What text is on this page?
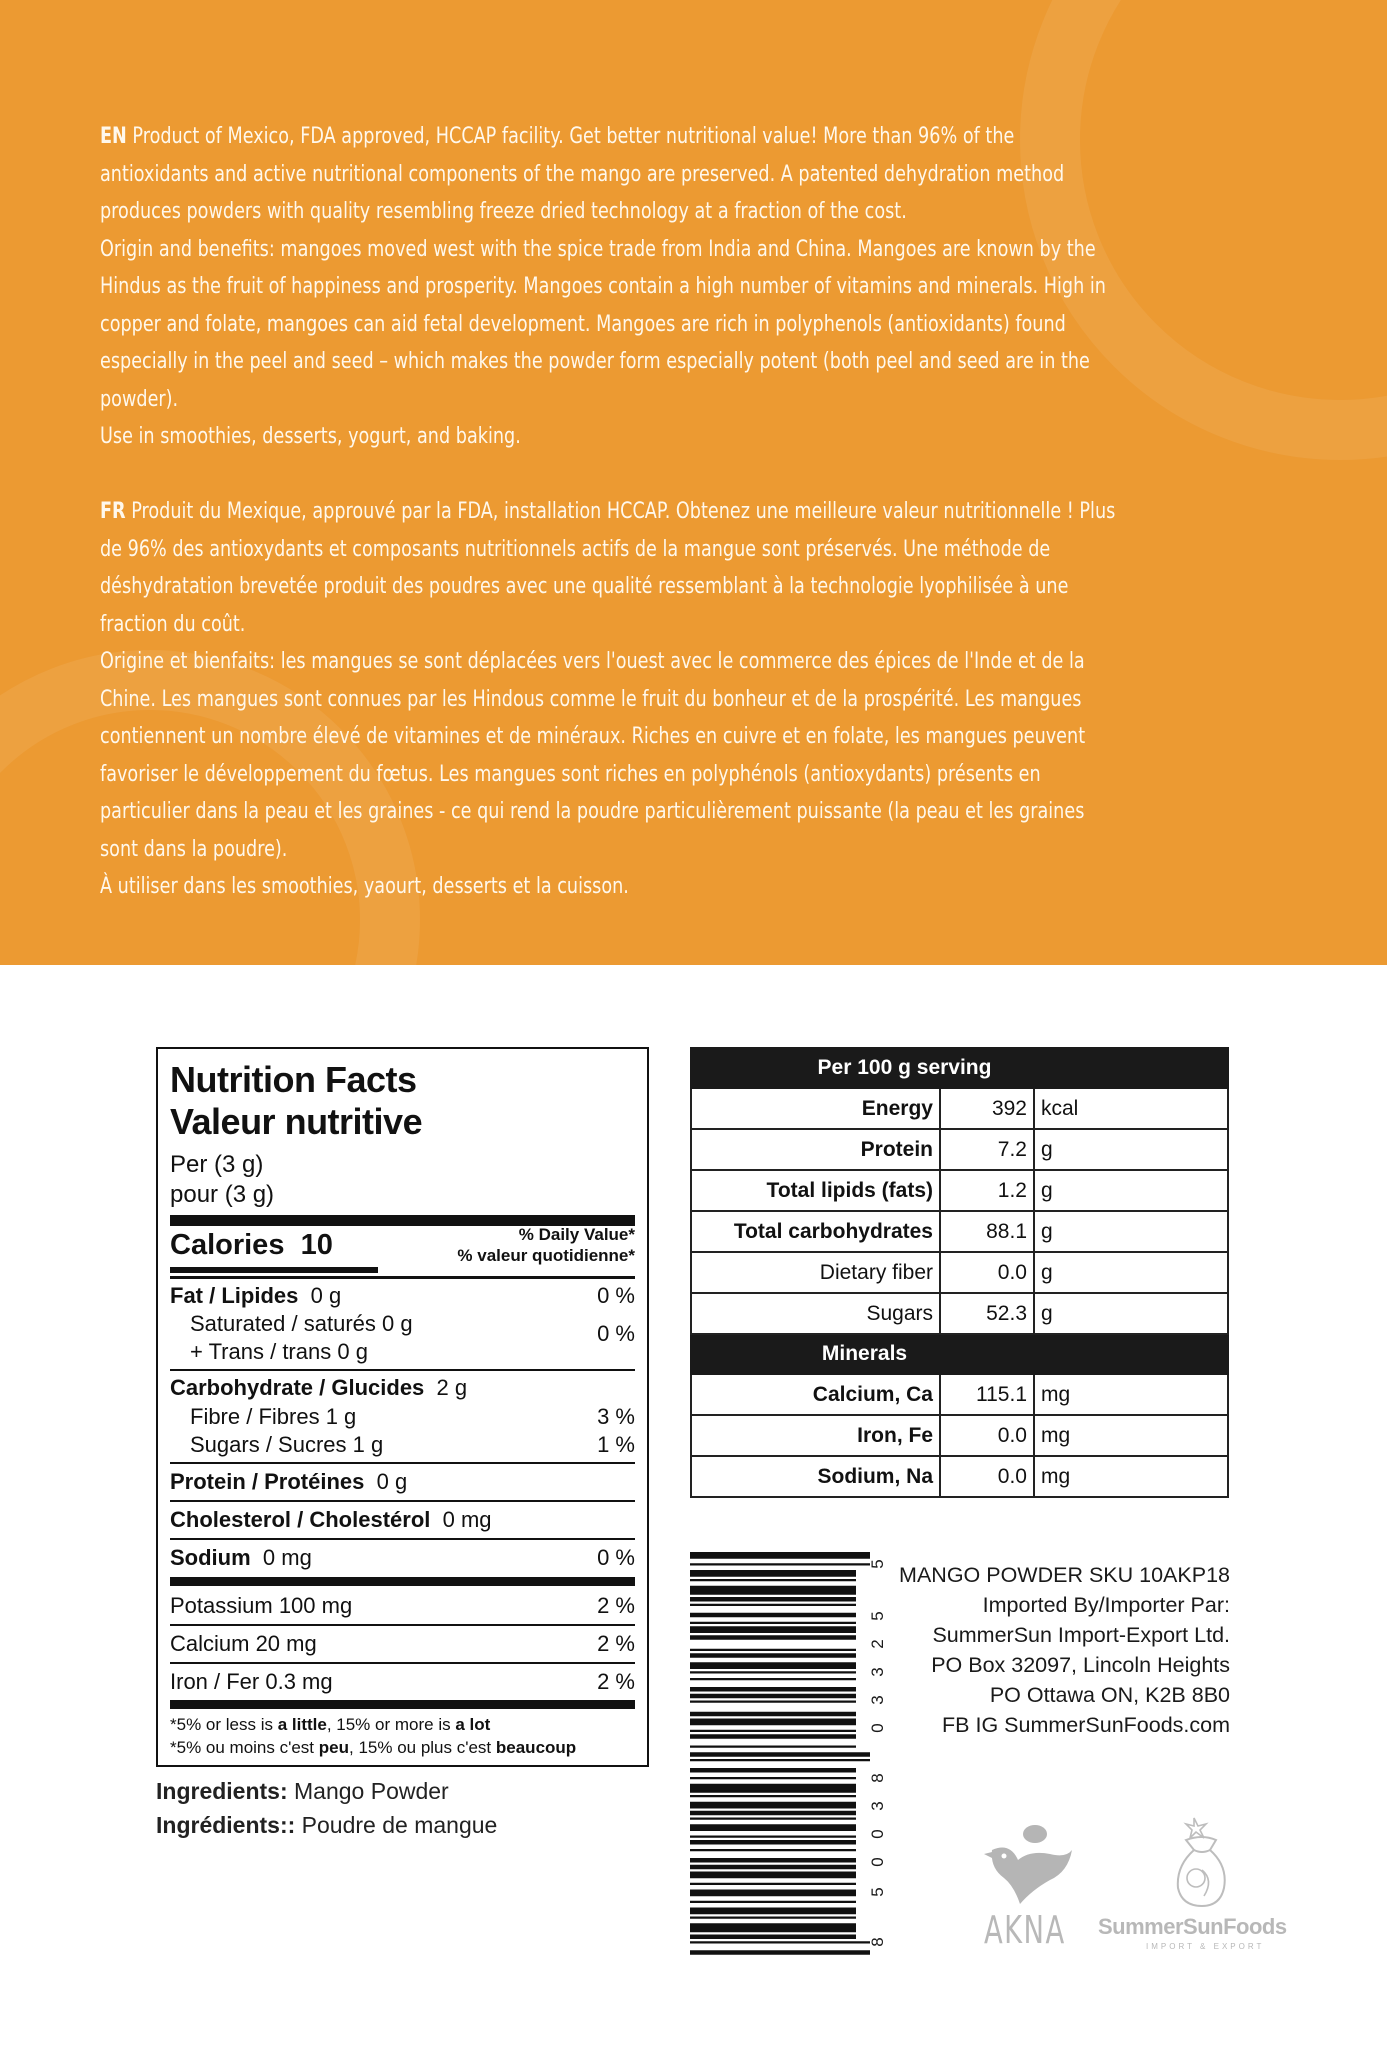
EN Product of Mexico, FDA approved, HCCAP facility. Get better nutritional value! More than 96% of the
antioxidants and active nutritional components of the mango are preserved. A patented dehydration method
produces powders with quality resembling freeze dried technology at a fraction of the cost.
Origin and benefits: mangoes moved west with the spice trade from India and China. Mangoes are known by the
Hindus as the fruit of happiness and prosperity. Mangoes contain a high number of vitamins and minerals. High in
copper and folate, mangoes can aid fetal development. Mangoes are rich in polyphenols (antioxidants) found
especially in the peel and seed – which makes the powder form especially potent (both peel and seed are in the
powder).
Use in smoothies, desserts, yogurt, and baking.
FR Produit du Mexique, approuvé par la FDA, installation HCCAP. Obtenez une meilleure valeur nutritionnelle ! Plus
de 96% des antioxydants et composants nutritionnels actifs de la mangue sont préservés. Une méthode de
déshydratation brevetée produit des poudres avec une qualité ressemblant à la technologie lyophilisée à une
fraction du coût.
Origine et bienfaits: les mangues se sont déplacées vers l'ouest avec le commerce des épices de l'Inde et de la
Chine. Les mangues sont connues par les Hindous comme le fruit du bonheur et de la prospérité. Les mangues
contiennent un nombre élevé de vitamines et de minéraux. Riches en cuivre et en folate, les mangues peuvent
favoriser le développement du fœtus. Les mangues sont riches en polyphénols (antioxydants) présents en
particulier dans la peau et les graines - ce qui rend la poudre particulièrement puissante (la peau et les graines
sont dans la poudre).
À utiliser dans les smoothies, yaourt, desserts et la cuisson.
Nutrition Facts
Valeur nutritive
Per (3 g)
pour (3 g)
Calories 10	% Daily Value*
% valeur quotidienne*
Fat / Lipides 0 g	0 %
Saturated / saturés 0 g	0 %
+ Trans / trans 0 g
Carbohydrate / Glucides 2 g
Fibre / Fibres 1 g	3 %
Sugars / Sucres 1 g	1 %
Protein / Protéines 0 g
Cholesterol / Cholestérol 0 mg
Sodium 0 mg	0 %
Potassium 100 mg	2 %
Calcium 20 mg	2 %
Iron / Fer 0.3 mg	2 %
*5% or less is a little, 15% or more is a lot
*5% ou moins c'est peu, 15% ou plus c'est beaucoup
Ingredients: Mango Powder
Ingrédients:: Poudre de mangue
Per 100 g serving		
Energy	392	kcal
Protein	7.2	g
Total lipids (fats)	1.2	g
Total carbohydrates	88.1	g
Dietary fiber	0.0	g
Sugars	52.3	g
Minerals		
Calcium, Ca	115.1	mg
Iron, Fe	0.0	mg
Sodium, Na	0.0	mg
8
5
0
0
3
8
0
3
3
2
5
5 MANGO POWDER SKU 10AKP18
Imported By/Importer Par:
SummerSun Import-Export Ltd.
PO Box 32097, Lincoln Heights
PO Ottawa ON, K2B 8B0
FB IG SummerSunFoods.com
AKNA SummerSunFoods
IMPORT & EXPORT
